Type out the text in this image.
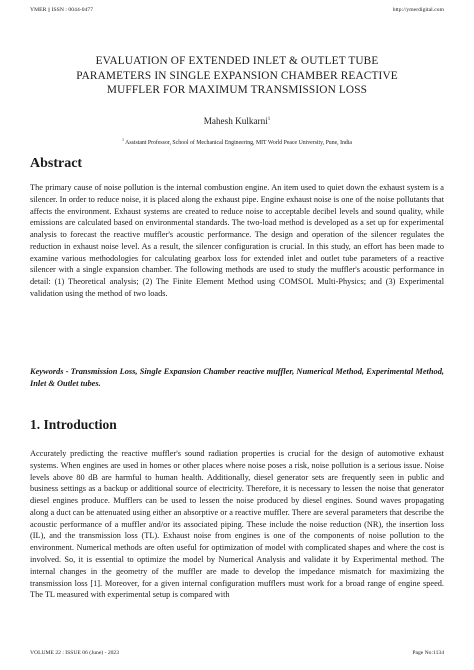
YMER || ISSN : 0044-0477	http://ymerdigital.com
EVALUATION OF EXTENDED INLET & OUTLET TUBE
PARAMETERS IN SINGLE EXPANSION CHAMBER REACTIVE
MUFFLER FOR MAXIMUM TRANSMISSION LOSS
Mahesh Kulkarni$^1$
$^1$ Assistant Professor, School of Mechanical Engineering, MIT World Peace University, Pune, India
Abstract

The primary cause of noise pollution is the internal combustion engine. An item used to quiet down the exhaust system is a silencer. In order to reduce noise, it is placed along the exhaust pipe. Engine exhaust noise is one of the noise pollutants that affects the environment. Exhaust systems are created to reduce noise to acceptable decibel levels and sound quality, while emissions are calculated based on environmental standards. The two-load method is developed as a set up for experimental analysis to forecast the reactive muffler's acoustic performance. The design and operation of the silencer regulates the reduction in exhaust noise level. As a result, the silencer configuration is crucial. In this study, an effort has been made to examine various methodologies for calculating gearbox loss for extended inlet and outlet tube parameters of a reactive silencer with a single expansion chamber. The following methods are used to study the muffler's acoustic performance in detail: (1) Theoretical analysis; (2) The Finite Element Method using COMSOL Multi-Physics; and (3) Experimental validation using the method of two loads.

Keywords - Transmission Loss, Single Expansion Chamber reactive muffler, Numerical Method, Experimental Method, Inlet & Outlet tubes.

1. Introduction

Accurately predicting the reactive muffler's sound radiation properties is crucial for the design of automotive exhaust systems. When engines are used in homes or other places where noise poses a risk, noise pollution is a serious issue. Noise levels above 80 dB are harmful to human health. Additionally, diesel generator sets are frequently seen in public and business settings as a backup or additional source of electricity. Therefore, it is necessary to lessen the noise that generator diesel engines produce. Mufflers can be used to lessen the noise produced by diesel engines. Sound waves propagating along a duct can be attenuated using either an absorptive or a reactive muffler. There are several parameters that describe the acoustic performance of a muffler and/or its associated piping. These include the noise reduction (NR), the insertion loss (IL), and the transmission loss (TL). Exhaust noise from engines is one of the components of noise pollution to the environment. Numerical methods are often useful for optimization of model with complicated shapes and where the cost is involved. So, it is essential to optimize the model by Numerical Analysis and validate it by Experimental method. The internal changes in the geometry of the muffler are made to develop the impedance mismatch for maximizing the transmission loss [1]. Moreover, for a given internal configuration mufflers must work for a broad range of engine speed. The TL measured with experimental setup is compared with

VOLUME 22 : ISSUE 06 (June) - 2023	Page No:1134
